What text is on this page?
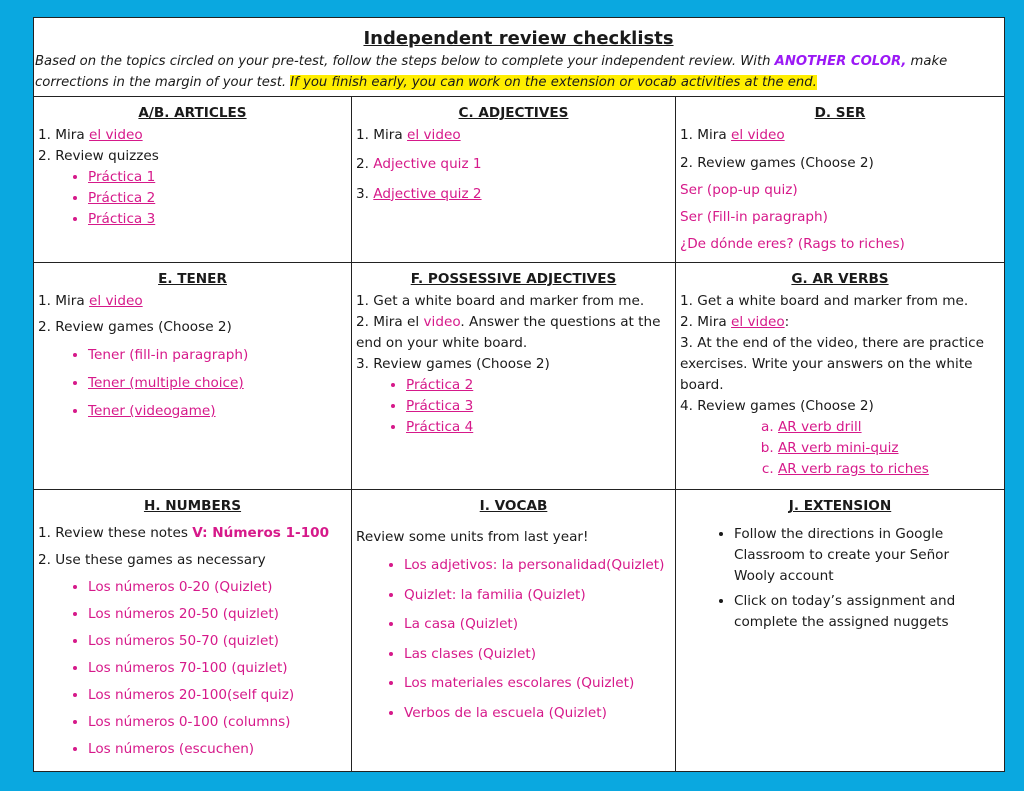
Independent review checklists
Based on the topics circled on your pre-test, follow the steps below to complete your independent review. With ANOTHER COLOR, make corrections in the margin of your test. If you finish early, you can work on the extension or vocab activities at the end.
A/B. ARTICLES
1. Mira el video
2. Review quizzes
• Práctica 1
• Práctica 2
• Práctica 3
C. ADJECTIVES
1. Mira el video
2. Adjective quiz 1
3. Adjective quiz 2
D. SER
1. Mira el video
2. Review games (Choose 2)
Ser (pop-up quiz)
Ser (Fill-in paragraph)
¿De dónde eres? (Rags to riches)
E. TENER
1. Mira el video
2. Review games (Choose 2)
• Tener (fill-in paragraph)
• Tener (multiple choice)
• Tener (videogame)
F. POSSESSIVE ADJECTIVES
1. Get a white board and marker from me.
2. Mira el video. Answer the questions at the end on your white board.
3. Review games (Choose 2)
• Práctica 2
• Práctica 3
• Práctica 4
G. AR VERBS
1. Get a white board and marker from me.
2. Mira el video:
3. At the end of the video, there are practice exercises. Write your answers on the white board.
4. Review games (Choose 2)
a. AR verb drill
b. AR verb mini-quiz
c. AR verb rags to riches
H. NUMBERS
1. Review these notes V: Números 1-100
2. Use these games as necessary
• Los números 0-20 (Quizlet)
• Los números 20-50 (quizlet)
• Los números 50-70 (quizlet)
• Los números 70-100 (quizlet)
• Los números 20-100(self quiz)
• Los números 0-100 (columns)
• Los números (escuchen)
I. VOCAB
Review some units from last year!
• Los adjetivos: la personalidad(Quizlet)
• Quizlet: la familia (Quizlet)
• La casa (Quizlet)
• Las clases (Quizlet)
• Los materiales escolares (Quizlet)
• Verbos de la escuela (Quizlet)
J. EXTENSION
• Follow the directions in Google Classroom to create your Señor Wooly account
• Click on today’s assignment and complete the assigned nuggets
